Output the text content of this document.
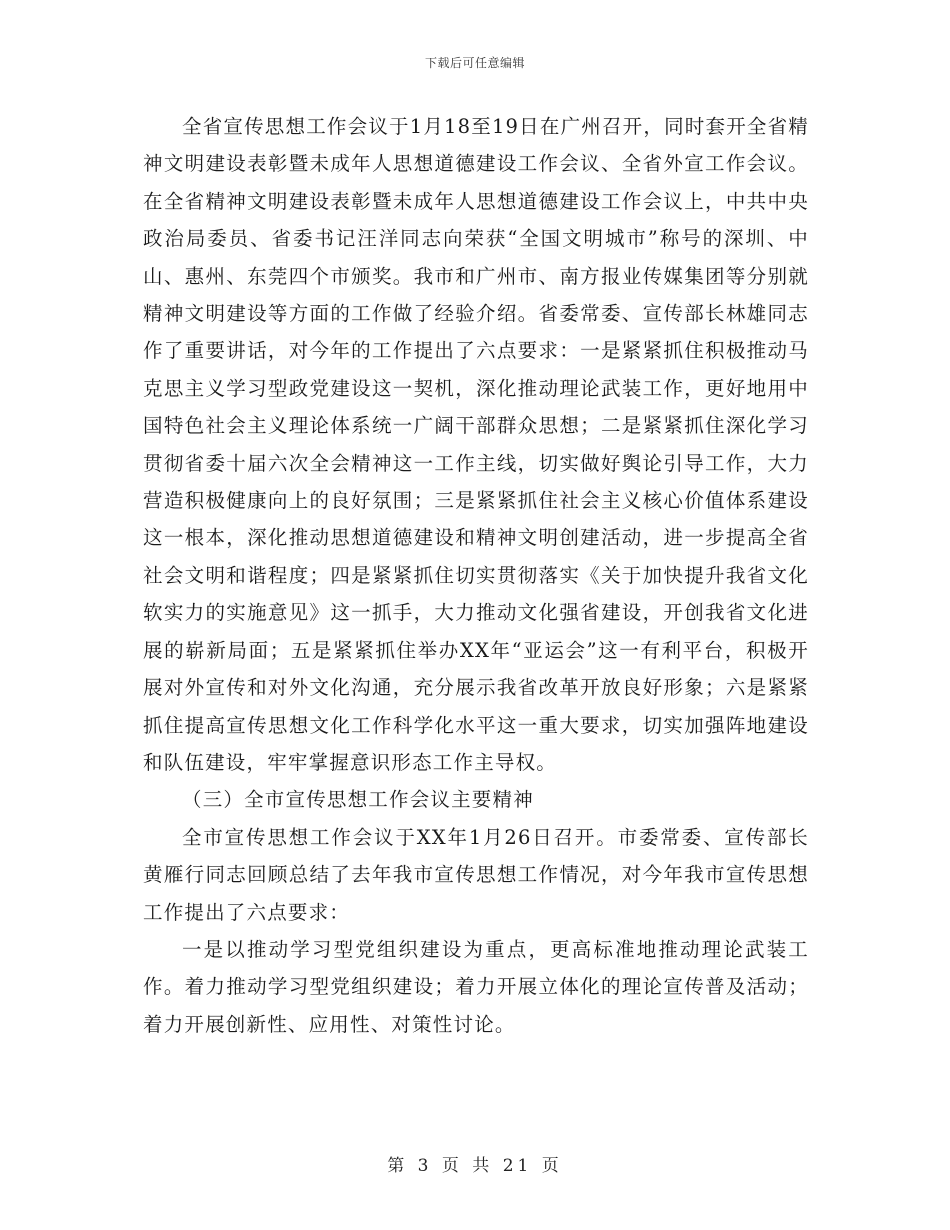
下载后可任意编辑

全省宣传思想工作会议于1月18至19日在广州召开，同时套开全省精神文明建设表彰暨未成年人思想道德建设工作会议、全省外宣工作会议。在全省精神文明建设表彰暨未成年人思想道德建设工作会议上，中共中央政治局委员、省委书记汪洋同志向荣获“全国文明城市”称号的深圳、中山、惠州、东莞四个市颁奖。我市和广州市、南方报业传媒集团等分别就精神文明建设等方面的工作做了经验介绍。省委常委、宣传部长林雄同志作了重要讲话，对今年的工作提出了六点要求：一是紧紧抓住积极推动马克思主义学习型政党建设这一契机，深化推动理论武装工作，更好地用中国特色社会主义理论体系统一广阔干部群众思想；二是紧紧抓住深化学习贯彻省委十届六次全会精神这一工作主线，切实做好舆论引导工作，大力营造积极健康向上的良好氛围；三是紧紧抓住社会主义核心价值体系建设这一根本，深化推动思想道德建设和精神文明创建活动，进一步提高全省社会文明和谐程度；四是紧紧抓住切实贯彻落实《关于加快提升我省文化软实力的实施意见》这一抓手，大力推动文化强省建设，开创我省文化进展的崭新局面；五是紧紧抓住举办XX年“亚运会”这一有利平台，积极开展对外宣传和对外文化沟通，充分展示我省改革开放良好形象；六是紧紧抓住提高宣传思想文化工作科学化水平这一重大要求，切实加强阵地建设和队伍建设，牢牢掌握意识形态工作主导权。

（三）全市宣传思想工作会议主要精神

全市宣传思想工作会议于XX年1月26日召开。市委常委、宣传部长黄雁行同志回顾总结了去年我市宣传思想工作情况，对今年我市宣传思想工作提出了六点要求：

一是以推动学习型党组织建设为重点，更高标准地推动理论武装工作。着力推动学习型党组织建设；着力开展立体化的理论宣传普及活动；着力开展创新性、应用性、对策性讨论。

第 3 页 共 21 页
